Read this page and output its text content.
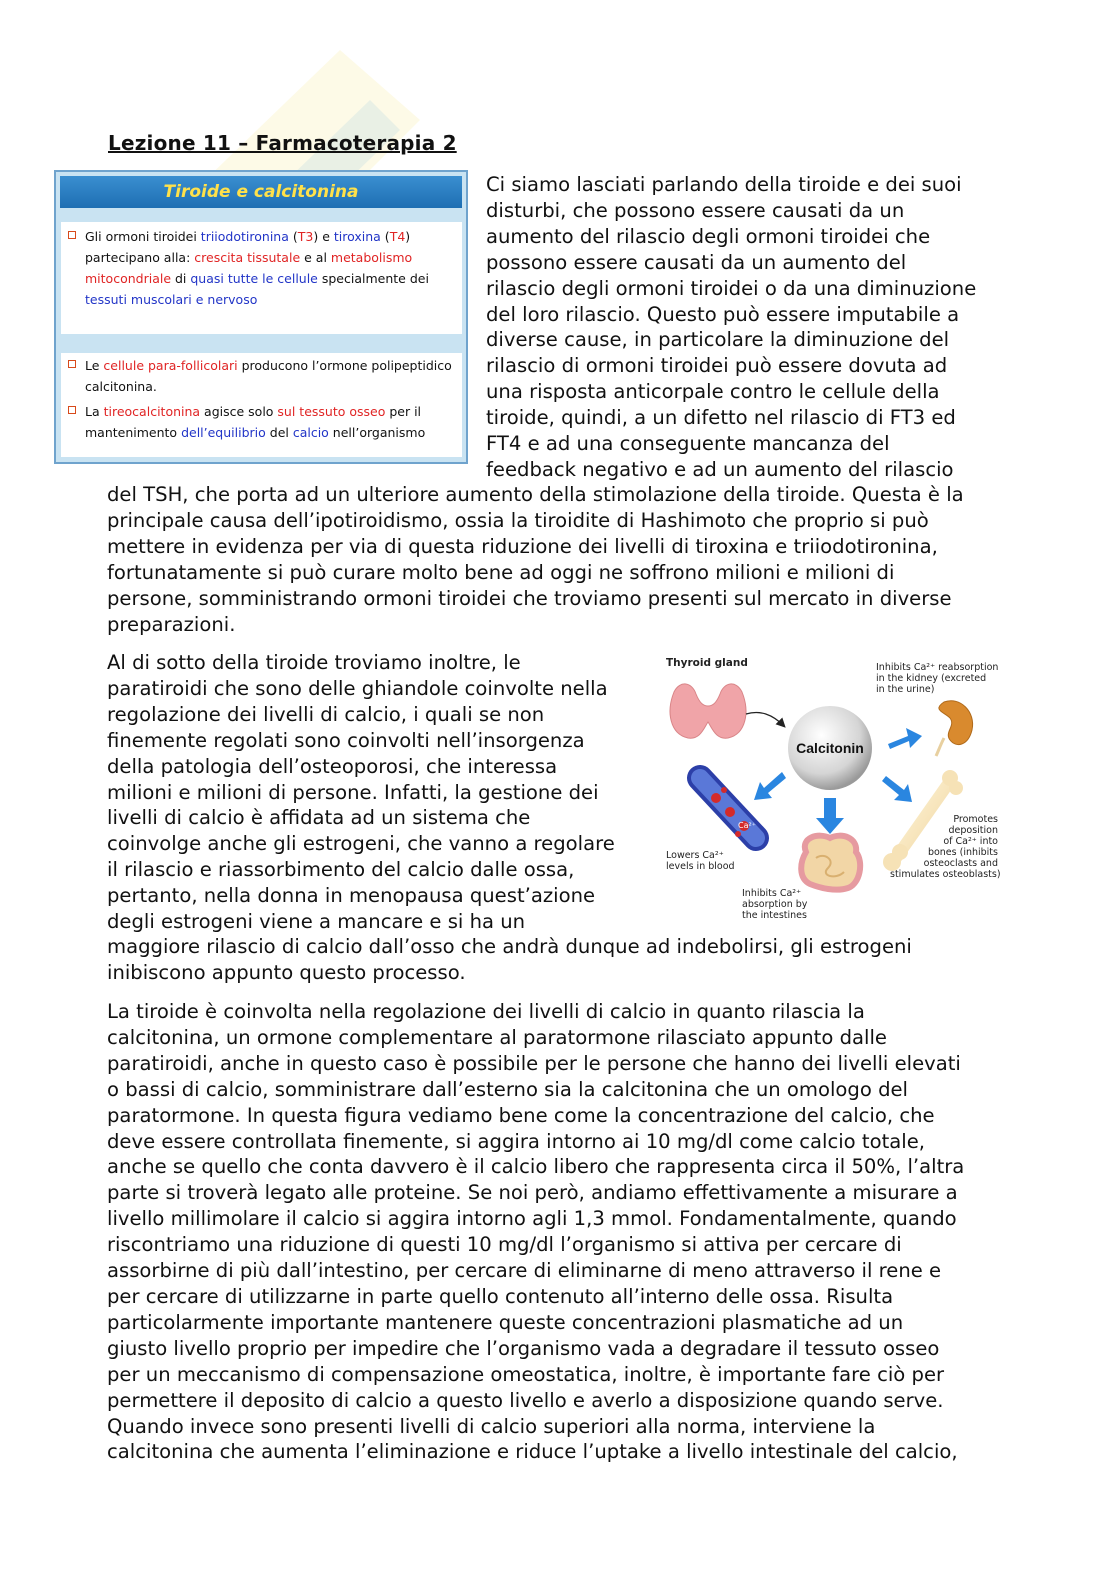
Lezione 11 – Farmacoterapia 2
Tiroide e calcitonina
Gli ormoni tiroidei triiodotironina (T3) e tiroxina (T4) partecipano alla: crescita tissutale e al metabolismo mitocondriale di quasi tutte le cellule specialmente dei tessuti muscolari e nervoso
Le cellule para-follicolari producono l’ormone polipeptidico calcitonina.
La tireocalcitonina agisce solo sul tessuto osseo per il mantenimento dell’equilibrio del calcio nell’organismo
Ci siamo lasciati parlando della tiroide e dei suoi
disturbi, che possono essere causati da un
aumento del rilascio degli ormoni tiroidei che
possono essere causati da un aumento del
rilascio degli ormoni tiroidei o da una diminuzione
del loro rilascio. Questo può essere imputabile a
diverse cause, in particolare la diminuzione del
rilascio di ormoni tiroidei può essere dovuta ad
una risposta anticorpale contro le cellule della
tiroide, quindi, a un difetto nel rilascio di FT3 ed
FT4 e ad una conseguente mancanza del
feedback negativo e ad un aumento del rilascio
del TSH, che porta ad un ulteriore aumento della stimolazione della tiroide. Questa è la
principale causa dell’ipotiroidismo, ossia la tiroidite di Hashimoto che proprio si può
mettere in evidenza per via di questa riduzione dei livelli di tiroxina e triiodotironina,
fortunatamente si può curare molto bene ad oggi ne soffrono milioni e milioni di
persone, somministrando ormoni tiroidei che troviamo presenti sul mercato in diverse
preparazioni.
Al di sotto della tiroide troviamo inoltre, le
paratiroidi che sono delle ghiandole coinvolte nella
regolazione dei livelli di calcio, i quali se non
finemente regolati sono coinvolti nell’insorgenza
della patologia dell’osteoporosi, che interessa
milioni e milioni di persone. Infatti, la gestione dei
livelli di calcio è affidata ad un sistema che
coinvolge anche gli estrogeni, che vanno a regolare
il rilascio e riassorbimento del calcio dalle ossa,
pertanto, nella donna in menopausa quest’azione
degli estrogeni viene a mancare e si ha un
Calcitonin
Ca²⁺
Thyroid gland	Inhibits Ca²⁺ reabsorption
in the kidney (excreted
in the urine)
Promotes
deposition
of Ca²⁺ into
bones (inhibits
osteoclasts and
stimulates osteoblasts)
Lowers Ca²⁺
levels in blood
Inhibits Ca²⁺
absorption by
the intestines
maggiore rilascio di calcio dall’osso che andrà dunque ad indebolirsi, gli estrogeni
inibiscono appunto questo processo.
La tiroide è coinvolta nella regolazione dei livelli di calcio in quanto rilascia la
calcitonina, un ormone complementare al paratormone rilasciato appunto dalle
paratiroidi, anche in questo caso è possibile per le persone che hanno dei livelli elevati
o bassi di calcio, somministrare dall’esterno sia la calcitonina che un omologo del
paratormone. In questa figura vediamo bene come la concentrazione del calcio, che
deve essere controllata finemente, si aggira intorno ai 10 mg/dl come calcio totale,
anche se quello che conta davvero è il calcio libero che rappresenta circa il 50%, l’altra
parte si troverà legato alle proteine. Se noi però, andiamo effettivamente a misurare a
livello millimolare il calcio si aggira intorno agli 1,3 mmol. Fondamentalmente, quando
riscontriamo una riduzione di questi 10 mg/dl l’organismo si attiva per cercare di
assorbirne di più dall’intestino, per cercare di eliminarne di meno attraverso il rene e
per cercare di utilizzarne in parte quello contenuto all’interno delle ossa. Risulta
particolarmente importante mantenere queste concentrazioni plasmatiche ad un
giusto livello proprio per impedire che l’organismo vada a degradare il tessuto osseo
per un meccanismo di compensazione omeostatica, inoltre, è importante fare ciò per
permettere il deposito di calcio a questo livello e averlo a disposizione quando serve.
Quando invece sono presenti livelli di calcio superiori alla norma, interviene la
calcitonina che aumenta l’eliminazione e riduce l’uptake a livello intestinale del calcio,
